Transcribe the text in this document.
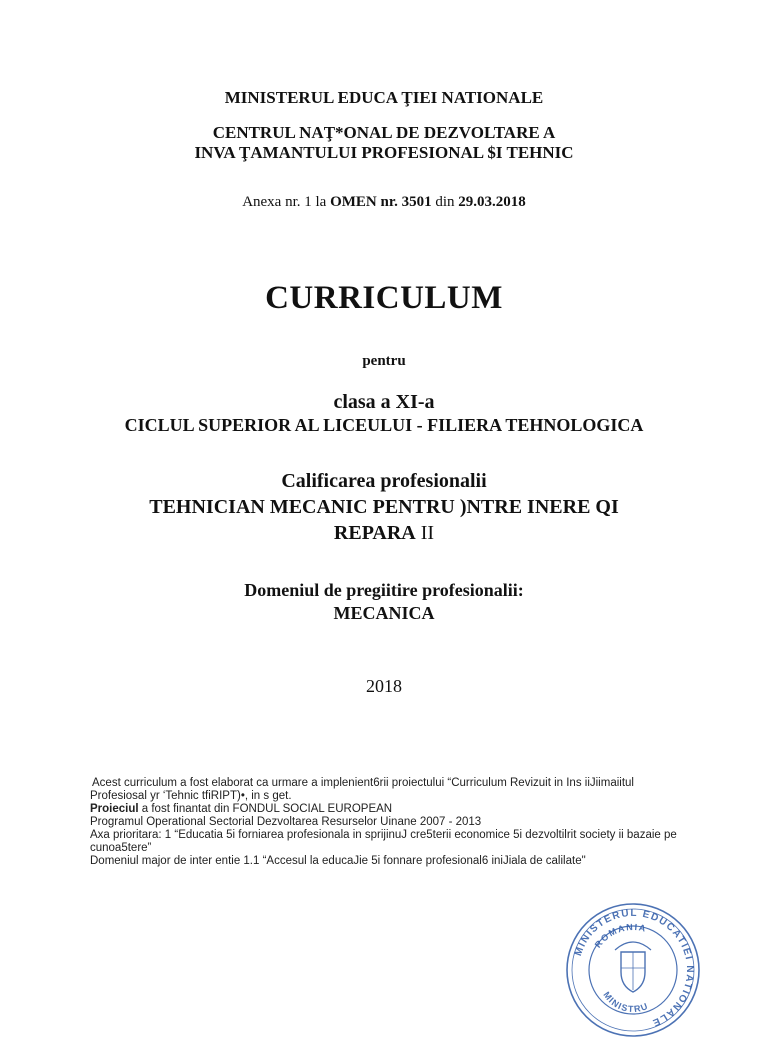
MINISTERUL EDUCA ŢIEI NATIONALE
CENTRUL NAŢ*ONAL DE DEZVOLTARE A
INVA ŢAMANTULUI PROFESIONAL $I TEHNIC
Anexa nr. 1 la OMEN nr. 3501 din 29.03.2018
CURRICULUM
pentru
clasa a XI-a
CICLUL SUPERIOR AL LICEULUI - FILIERA TEHNOLOGICA
Calificarea profesionalii
TEHNICIAN MECANIC PENTRU )NTRE INERE QI
REPARA II
Domeniul de pregiitire profesionalii:
MECANICA
2018
Acest curriculum a fost elaborat ca urmare a implenient6rii proiectului “Curriculum Revizuit in Ins iiJiimaiitul
Profesiosal yr ‘Tehnic tfiRIPT)•, in s get.
Proieciul a fost finantat din FONDUL SOCIAL EUROPEAN
Programul Operational Sectorial Dezvoltarea Resurselor Uinane 2007 - 2013
Axa prioritara: 1 “Educatia 5i forniarea profesionala in sprijinuJ cre5terii economice 5i dezvoltilrit society ii bazaie pe
cunoa5tere”
Domeniul major de inter entie 1.1 “Accesul la educaJie 5i fonnare profesional6 iniJiala de calilate"
MINISTERUL EDUCATIEI NATIONALE
ROMANIA
MINISTRU
